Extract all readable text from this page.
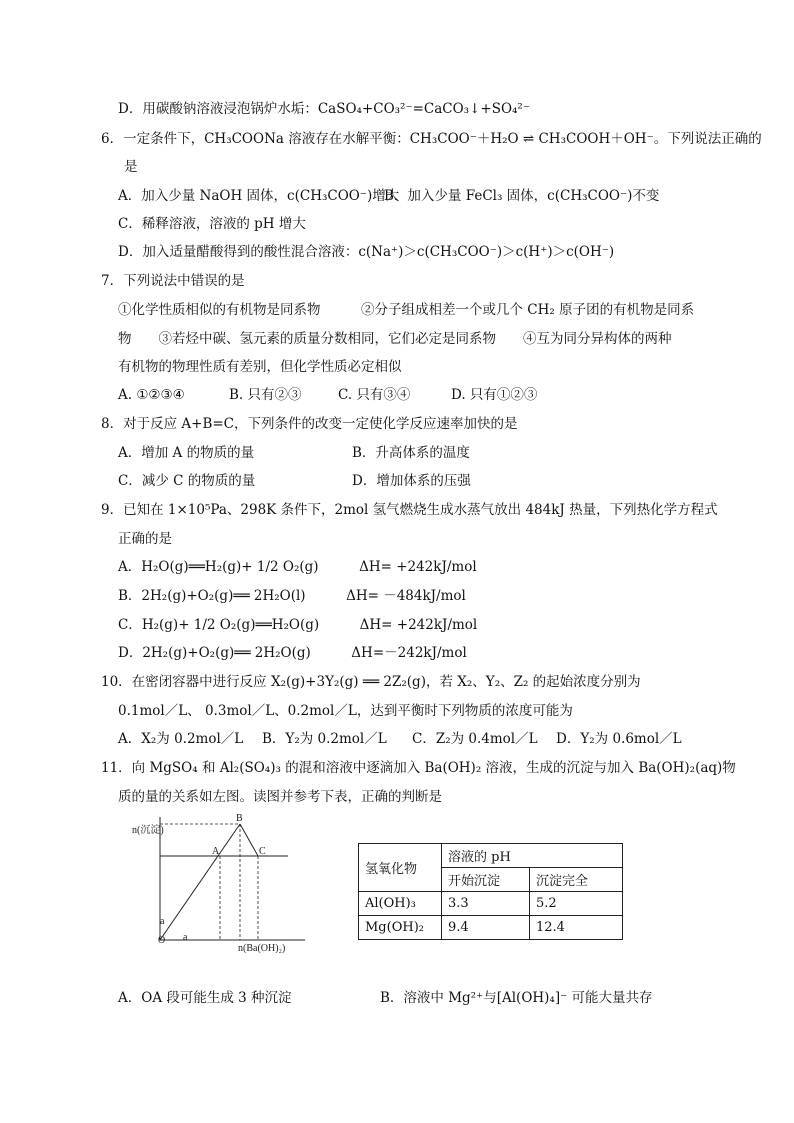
D．用碳酸钠溶液浸泡锅炉水垢：CaSO₄+CO₃²⁻=CaCO₃↓+SO₄²⁻
6．一定条件下，CH₃COONa 溶液存在水解平衡：CH₃COO⁻＋H₂O ⇌ CH₃COOH＋OH⁻。下列说法正确的
是
A．加入少量 NaOH 固体，c(CH₃COO⁻)增大
B．加入少量 FeCl₃ 固体，c(CH₃COO⁻)不变
C．稀释溶液，溶液的 pH 增大
D．加入适量醋酸得到的酸性混合溶液：c(Na⁺)＞c(CH₃COO⁻)＞c(H⁺)＞c(OH⁻)
7．下列说法中错误的是
①化学性质相似的有机物是同系物　　　②分子组成相差一个或几个 CH₂ 原子团的有机物是同系
物　　③若烃中碳、氢元素的质量分数相同，它们必定是同系物　　④互为同分异构体的两种
有机物的物理性质有差别，但化学性质必定相似
A. ①②③④	B. 只有②③	C. 只有③④	D. 只有①②③
8．对于反应 A+B=C，下列条件的改变一定使化学反应速率加快的是
A．增加 A 的物质的量	B．升高体系的温度
C．减少 C 的物质的量	D．增加体系的压强
9．已知在 1×10⁵Pa、298K 条件下，2mol 氢气燃烧生成水蒸气放出 484kJ 热量，下列热化学方程式
正确的是
A．H₂O(g)══H₂(g)+ 1/2 O₂(g)　　　ΔH= +242kJ/mol
B．2H₂(g)+O₂(g)══ 2H₂O(l)　　　ΔH= －484kJ/mol
C．H₂(g)+ 1/2 O₂(g)══H₂O(g)　　　ΔH= +242kJ/mol
D．2H₂(g)+O₂(g)══ 2H₂O(g)　　　ΔH=－242kJ/mol
10．在密闭容器中进行反应 X₂(g)+3Y₂(g) ══ 2Z₂(g)，若 X₂、Y₂、Z₂ 的起始浓度分别为
0.1mol／L、 0.3mol／L、0.2mol／L，达到平衡时下列物质的浓度可能为
A．X₂为 0.2mol／L B．Y₂为 0.2mol／L C．Z₂为 0.4mol／L D．Y₂为 0.6mol／L
11．向 MgSO₄ 和 Al₂(SO₄)₃ 的混和溶液中逐滴加入 Ba(OH)₂ 溶液，生成的沉淀与加入 Ba(OH)₂(aq)物
质的量的关系如左图。读图并参考下表，正确的判断是
n(沉淀)
B
A	C
a
O a
n(Ba(OH)₂)
氢氧化物	溶液的 pH	
	开始沉淀	沉淀完全
Al(OH)₃	3.3	5.2
Mg(OH)₂	9.4	12.4
A．OA 段可能生成 3 种沉淀	B．溶液中 Mg²⁺与[Al(OH)₄]⁻ 可能大量共存
